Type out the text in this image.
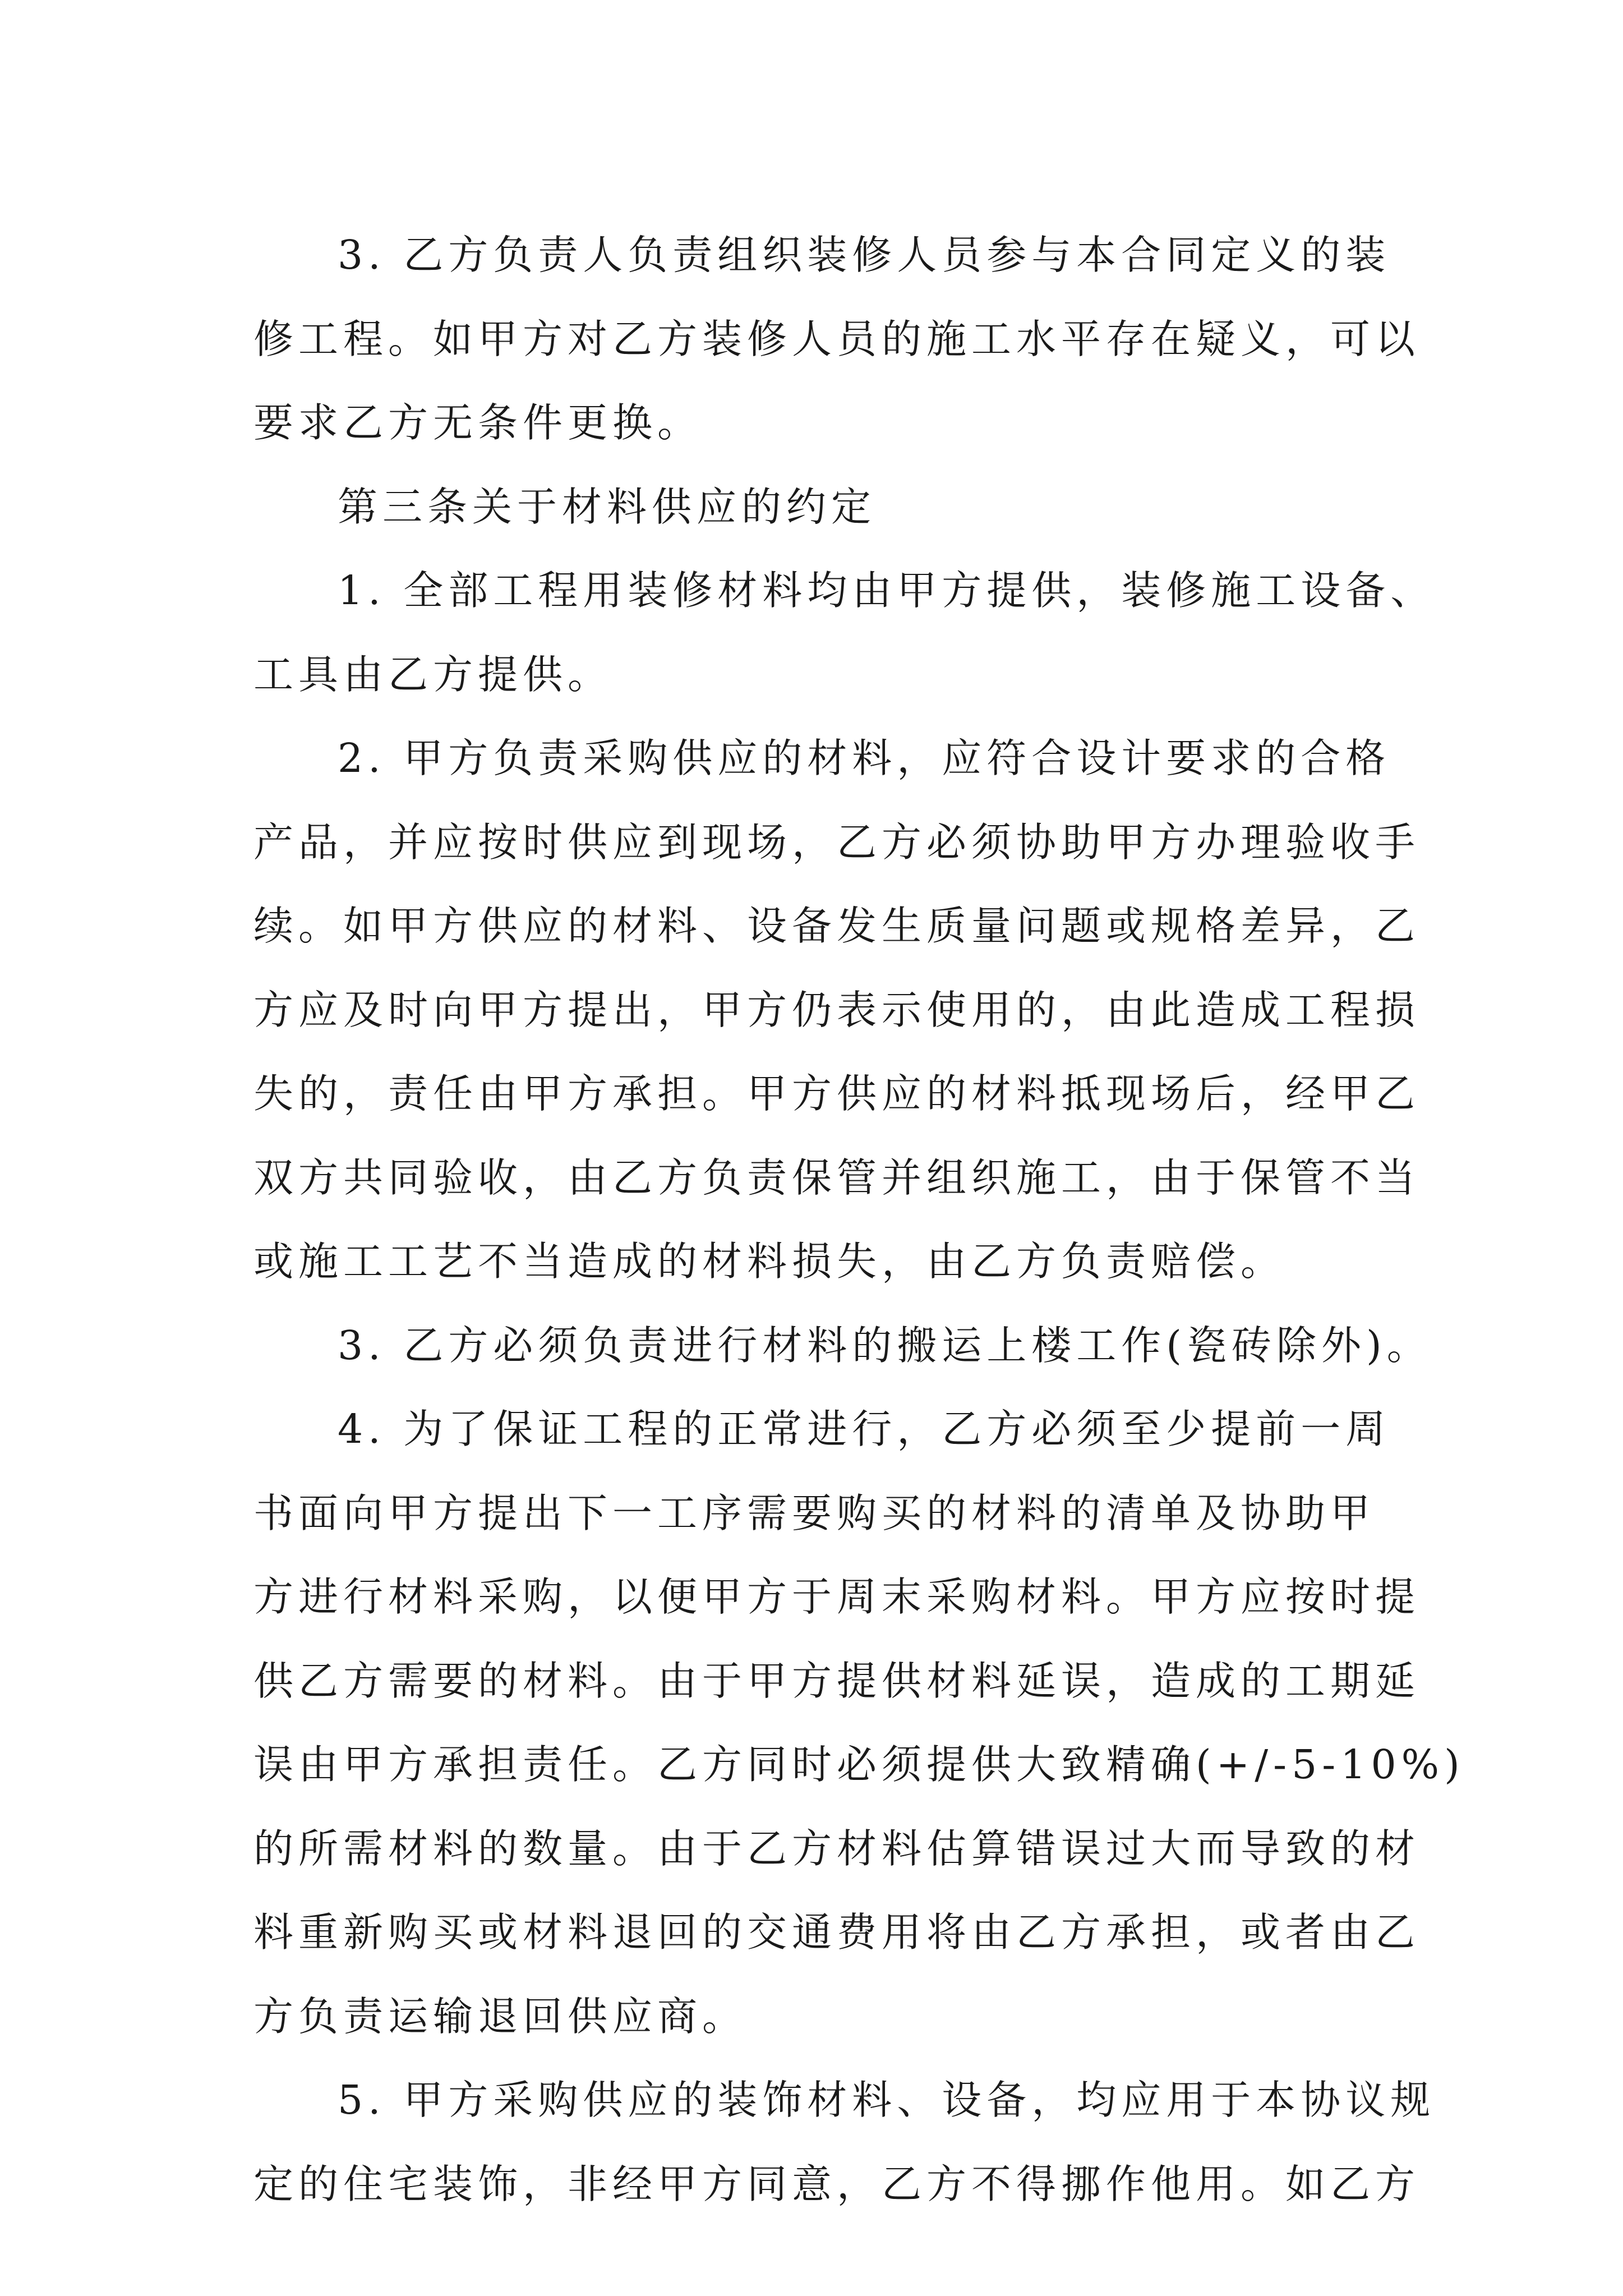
3. 乙方负责人负责组织装修人员参与本合同定义的装
修工程。如甲方对乙方装修人员的施工水平存在疑义，可以
要求乙方无条件更换。
第三条关于材料供应的约定
1. 全部工程用装修材料均由甲方提供，装修施工设备、
工具由乙方提供。
2. 甲方负责采购供应的材料，应符合设计要求的合格
产品，并应按时供应到现场，乙方必须协助甲方办理验收手
续。如甲方供应的材料、设备发生质量问题或规格差异，乙
方应及时向甲方提出，甲方仍表示使用的，由此造成工程损
失的，责任由甲方承担。甲方供应的材料抵现场后，经甲乙
双方共同验收，由乙方负责保管并组织施工，由于保管不当
或施工工艺不当造成的材料损失，由乙方负责赔偿。
3. 乙方必须负责进行材料的搬运上楼工作(瓷砖除外)。
4. 为了保证工程的正常进行，乙方必须至少提前一周
书面向甲方提出下一工序需要购买的材料的清单及协助甲
方进行材料采购，以便甲方于周末采购材料。甲方应按时提
供乙方需要的材料。由于甲方提供材料延误，造成的工期延
误由甲方承担责任。乙方同时必须提供大致精确(+/-5-10%)
的所需材料的数量。由于乙方材料估算错误过大而导致的材
料重新购买或材料退回的交通费用将由乙方承担，或者由乙
方负责运输退回供应商。
5. 甲方采购供应的装饰材料、设备，均应用于本协议规
定的住宅装饰，非经甲方同意，乙方不得挪作他用。如乙方
